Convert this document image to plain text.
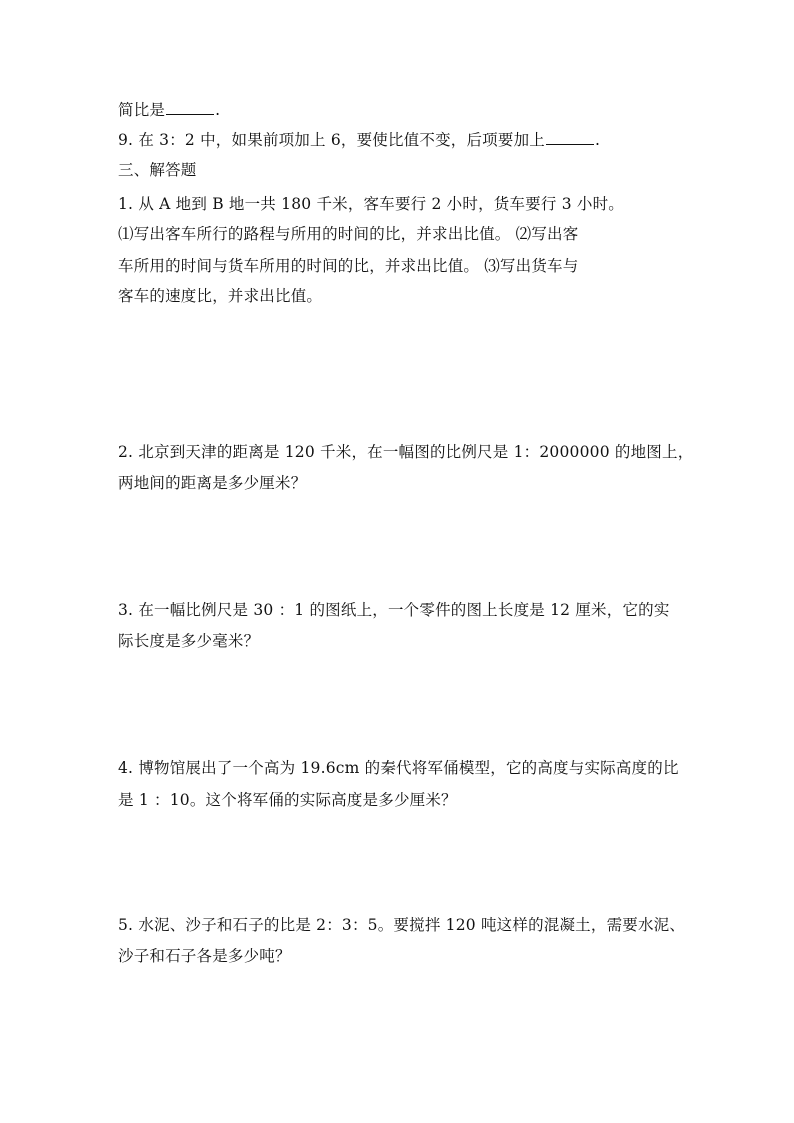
简比是	.
9. 在 3：2 中，如果前项加上 6，要使比值不变，后项要加上	.
三、解答题
1. 从 A 地到 B 地一共 180 千米，客车要行 2 小时，货车要行 3 小时。
⑴写出客车所行的路程与所用的时间的比，并求出比值。 ⑵写出客
车所用的时间与货车所用的时间的比，并求出比值。 ⑶写出货车与
客车的速度比，并求出比值。
2. 北京到天津的距离是 120 千米，在一幅图的比例尺是 1：2000000 的地图上，
两地间的距离是多少厘米？
3. 在一幅比例尺是 30 ：1 的图纸上，一个零件的图上长度是 12 厘米，它的实
际长度是多少毫米？
4. 博物馆展出了一个高为 19.6cm 的秦代将军俑模型，它的高度与实际高度的比
是 1 ：10。这个将军俑的实际高度是多少厘米？
5. 水泥、沙子和石子的比是 2：3：5。要搅拌 120 吨这样的混凝土，需要水泥、
沙子和石子各是多少吨？
